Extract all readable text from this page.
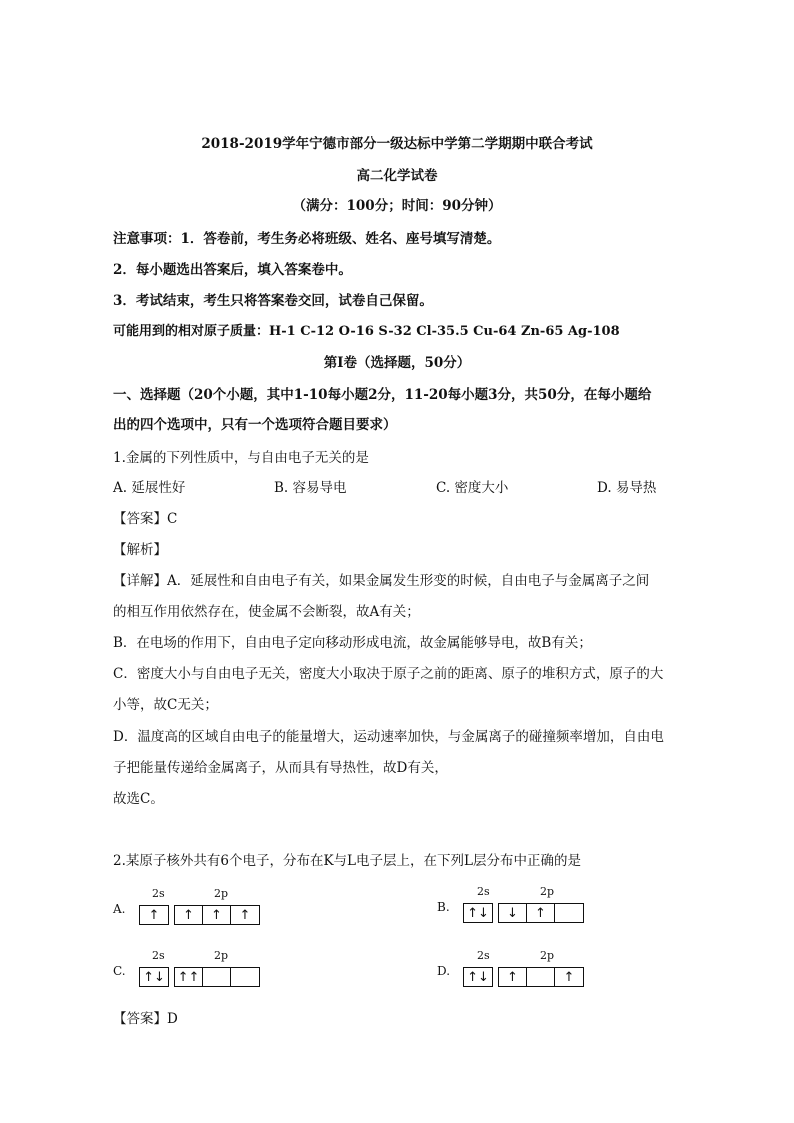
2018-2019学年宁德市部分一级达标中学第二学期期中联合考试
高二化学试卷
（满分：100分；时间：90分钟）
注意事项：1．答卷前，考生务必将班级、姓名、座号填写清楚。
2．每小题选出答案后，填入答案卷中。
3．考试结束，考生只将答案卷交回，试卷自己保留。
可能用到的相对原子质量：H-1 C-12 O-16 S-32 Cl-35.5 Cu-64 Zn-65 Ag-108
第Ⅰ卷（选择题，50分）
一、选择题（20个小题，其中1-10每小题2分，11-20每小题3分，共50分，在每小题给
出的四个选项中，只有一个选项符合题目要求）
1.金属的下列性质中，与自由电子无关的是
A. 延展性好	B. 容易导电	C. 密度大小	D. 易导热
【答案】C
【解析】
【详解】A．延展性和自由电子有关，如果金属发生形变的时候，自由电子与金属离子之间
的相互作用依然存在，使金属不会断裂，故A有关；
B．在电场的作用下，自由电子定向移动形成电流，故金属能够导电，故B有关；
C．密度大小与自由电子无关，密度大小取决于原子之前的距离、原子的堆积方式，原子的大
小等，故C无关；
D．温度高的区域自由电子的能量增大，运动速率加快，与金属离子的碰撞频率增加，自由电
子把能量传递给金属离子，从而具有导热性，故D有关，
故选C。
2.某原子核外共有6个电子，分布在K与L电子层上，在下列L层分布中正确的是
A.
2s	2p
↑	↑	↑	↑
B.
2s	2p
↑↓	↓	↑
C.
2s	2p
↑↓ ↑↑	D.
2s	2p
↑↓	↑	↑
【答案】D
